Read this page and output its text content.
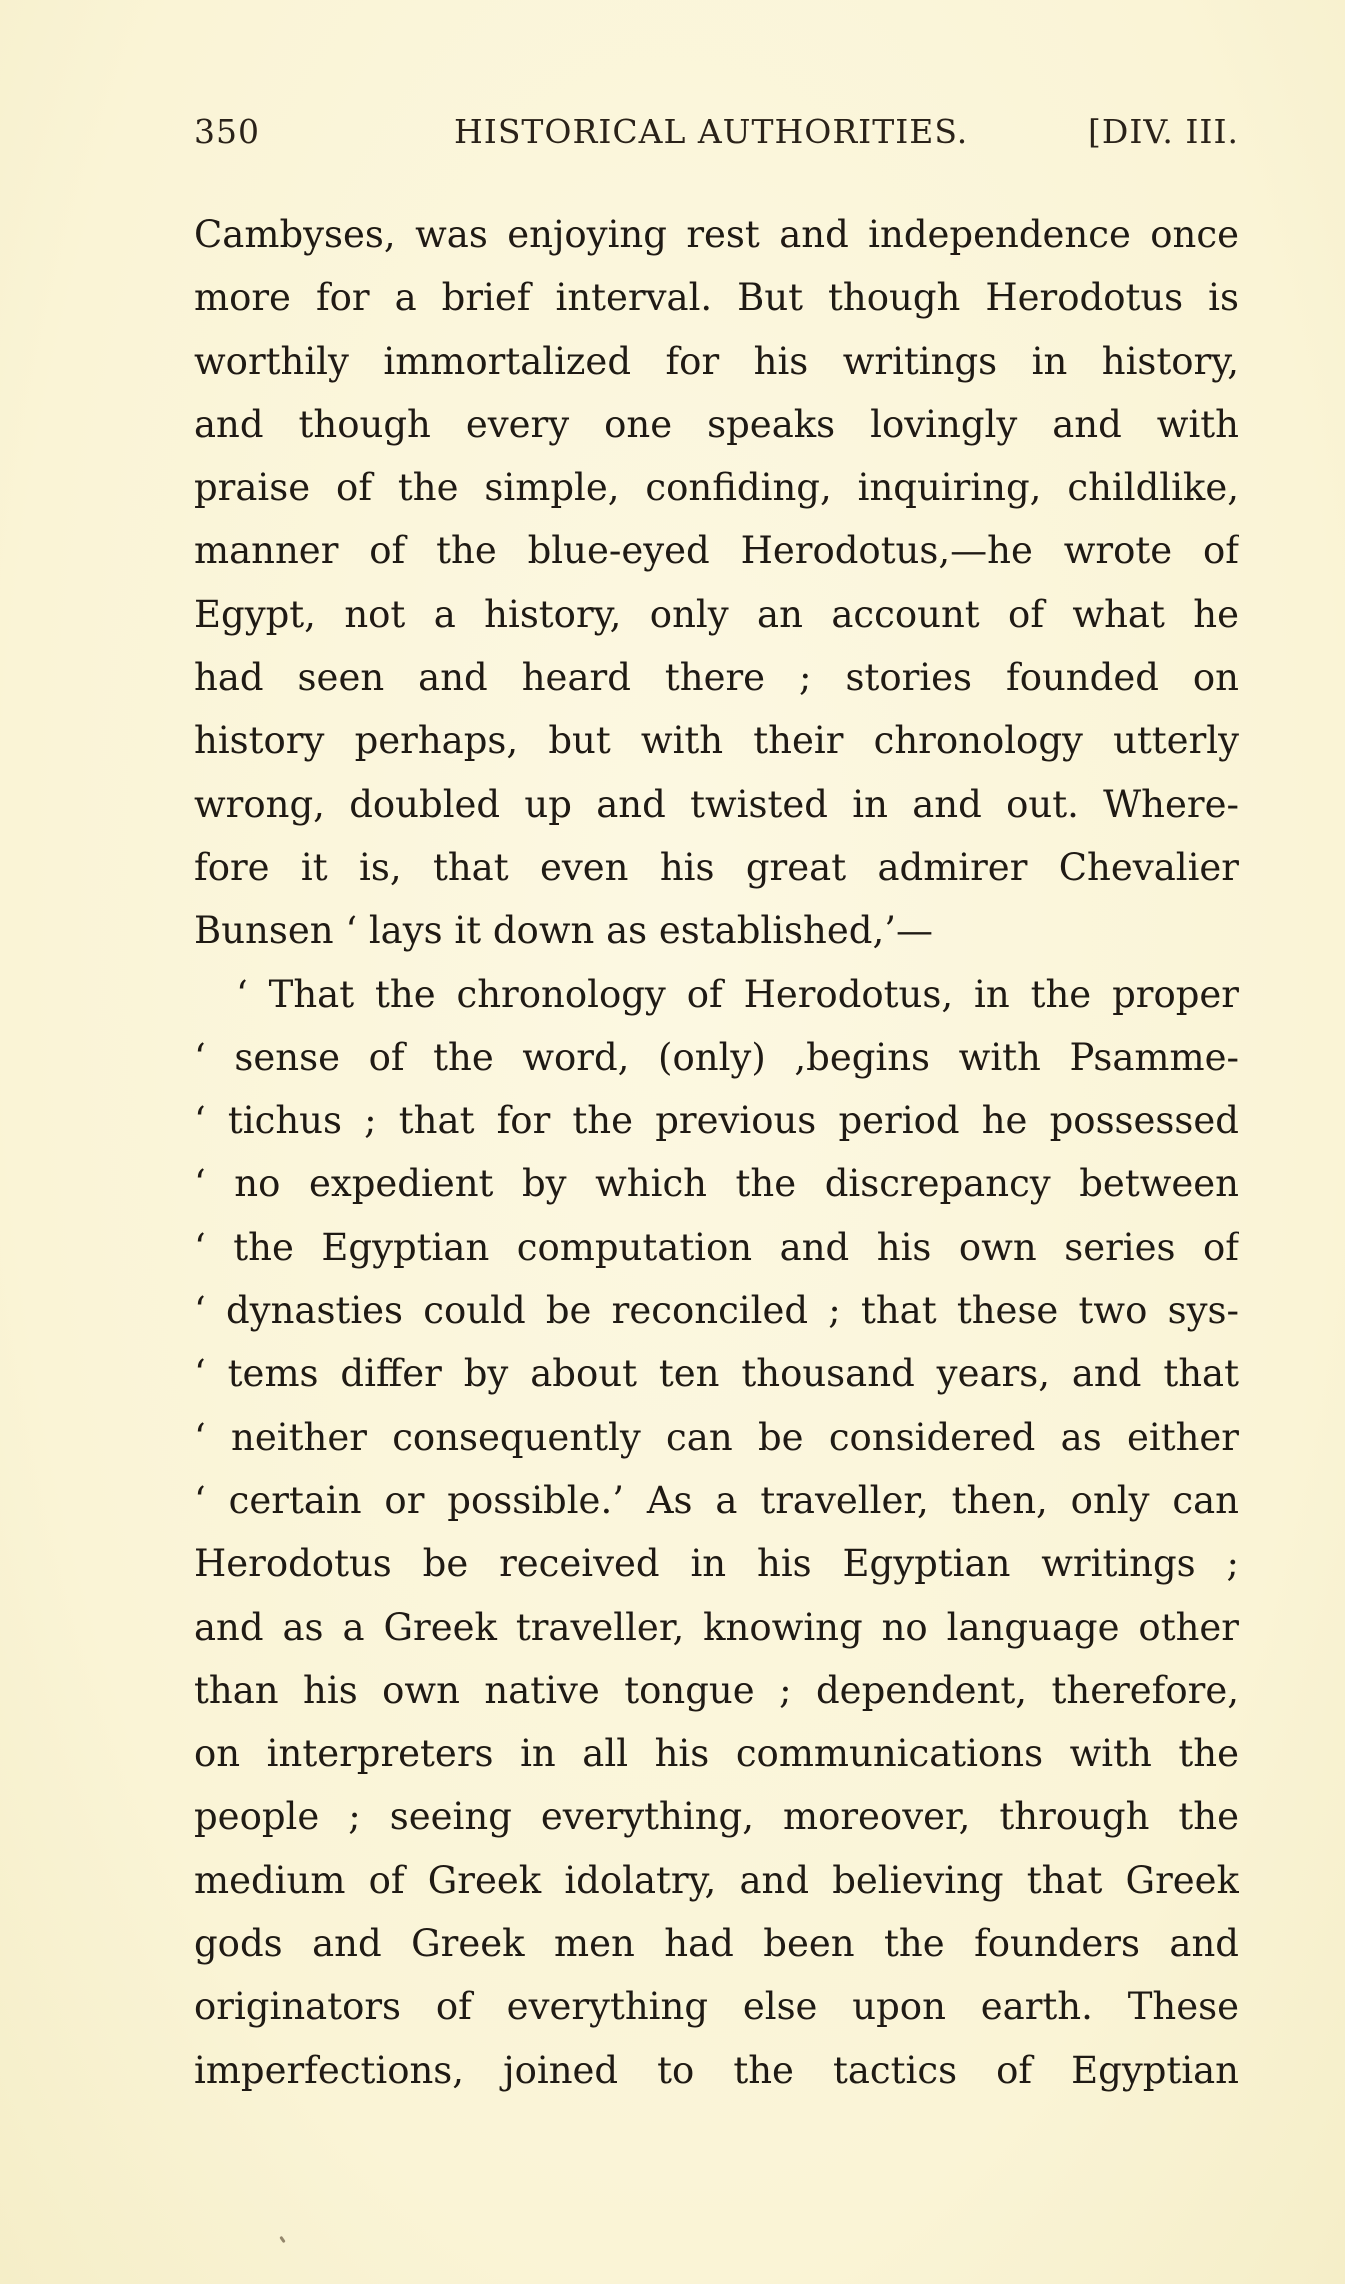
350	HISTORICAL AUTHORITIES.	[DIV. III.
Cambyses, was enjoying rest and independence once
more for a brief interval. But though Herodotus is
worthily immortalized for his writings in history,
and though every one speaks lovingly and with
praise of the simple, confiding, inquiring, childlike,
manner of the blue-eyed Herodotus,—he wrote of
Egypt, not a history, only an account of what he
had seen and heard there ; stories founded on
history perhaps, but with their chronology utterly
wrong, doubled up and twisted in and out. Where-
fore it is, that even his great admirer Chevalier
Bunsen ‘ lays it down as established,’—
‘ That the chronology of Herodotus, in the proper
‘ sense of the word, (only) ,begins with Psamme-
‘ tichus ; that for the previous period he possessed
‘ no expedient by which the discrepancy between
‘ the Egyptian computation and his own series of
‘ dynasties could be reconciled ; that these two sys-
‘ tems differ by about ten thousand years, and that
‘ neither consequently can be considered as either
‘ certain or possible.’ As a traveller, then, only can
Herodotus be received in his Egyptian writings ;
and as a Greek traveller, knowing no language other
than his own native tongue ; dependent, therefore,
on interpreters in all his communications with the
people ; seeing everything, moreover, through the
medium of Greek idolatry, and believing that Greek
gods and Greek men had been the founders and
originators of everything else upon earth. These
imperfections, joined to the tactics of Egyptian
